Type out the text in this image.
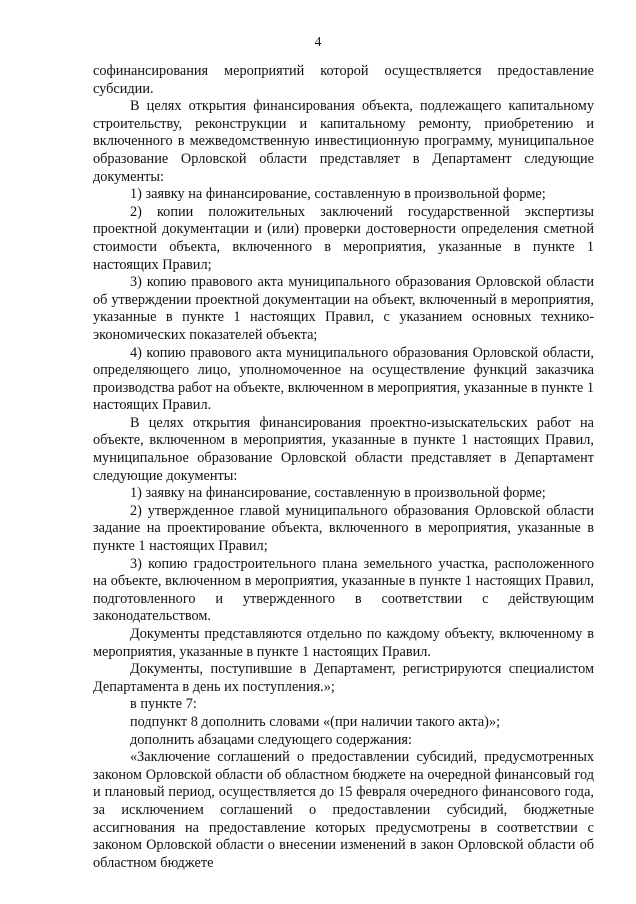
4

софинансирования мероприятий которой осуществляется предоставление субсидии.

В целях открытия финансирования объекта, подлежащего капитальному строительству, реконструкции и капитальному ремонту, приобретению и включенного в межведомственную инвестиционную программу, муниципальное образование Орловской области представляет в Департамент следующие документы:

1) заявку на финансирование, составленную в произвольной форме;

2) копии положительных заключений государственной экспертизы проектной документации и (или) проверки достоверности определения сметной стоимости объекта, включенного в мероприятия, указанные в пункте 1 настоящих Правил;

3) копию правового акта муниципального образования Орловской области об утверждении проектной документации на объект, включенный в мероприятия, указанные в пункте 1 настоящих Правил, с указанием основных технико-экономических показателей объекта;

4) копию правового акта муниципального образования Орловской области, определяющего лицо, уполномоченное на осуществление функций заказчика производства работ на объекте, включенном в мероприятия, указанные в пункте 1 настоящих Правил.

В целях открытия финансирования проектно-изыскательских работ на объекте, включенном в мероприятия, указанные в пункте 1 настоящих Правил, муниципальное образование Орловской области представляет в Департамент следующие документы:

1) заявку на финансирование, составленную в произвольной форме;

2) утвержденное главой муниципального образования Орловской области задание на проектирование объекта, включенного в мероприятия, указанные в пункте 1 настоящих Правил;

3) копию градостроительного плана земельного участка, расположенного на объекте, включенном в мероприятия, указанные в пункте 1 настоящих Правил, подготовленного и утвержденного в соответствии с действующим законодательством.

Документы представляются отдельно по каждому объекту, включенному в мероприятия, указанные в пункте 1 настоящих Правил.

Документы, поступившие в Департамент, регистрируются специалистом Департамента в день их поступления.»;

в пункте 7:

подпункт 8 дополнить словами «(при наличии такого акта)»;

дополнить абзацами следующего содержания:

«Заключение соглашений о предоставлении субсидий, предусмотренных законом Орловской области об областном бюджете на очередной финансовый год и плановый период, осуществляется до 15 февраля очередного финансового года, за исключением соглашений о предоставлении субсидий, бюджетные ассигнования на предоставление которых предусмотрены в соответствии с законом Орловской области о внесении изменений в закон Орловской области об областном бюджете
